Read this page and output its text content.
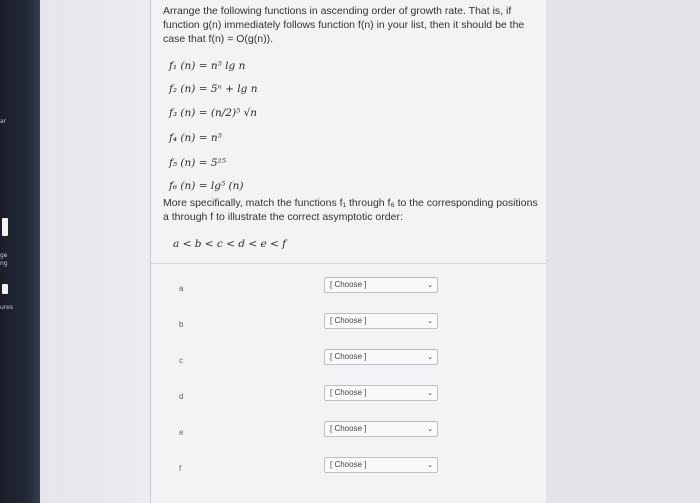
ar
ge
ng
ures
Arrange the following functions in ascending order of growth rate. That is, if function g(n) immediately follows function f(n) in your list, then it should be the case that f(n) = O(g(n)).
f₁ (n) = n⁵ lg n
f₂ (n) = 5ⁿ + lg n
f₃ (n) = (n/2)⁵ √n
f₄ (n) = n⁵
f₅ (n) = 5²⁵
f₆ (n) = lg⁵ (n)
More specifically, match the functions f₁ through f₆ to the corresponding positions a through f to illustrate the correct asymptotic order:
a < b < c < d < e < f
a	[ Choose ]	⌄
b	[ Choose ]	⌄
c	[ Choose ]	⌄
d	[ Choose ]	⌄
e	[ Choose ]	⌄
f	[ Choose ]	⌄
